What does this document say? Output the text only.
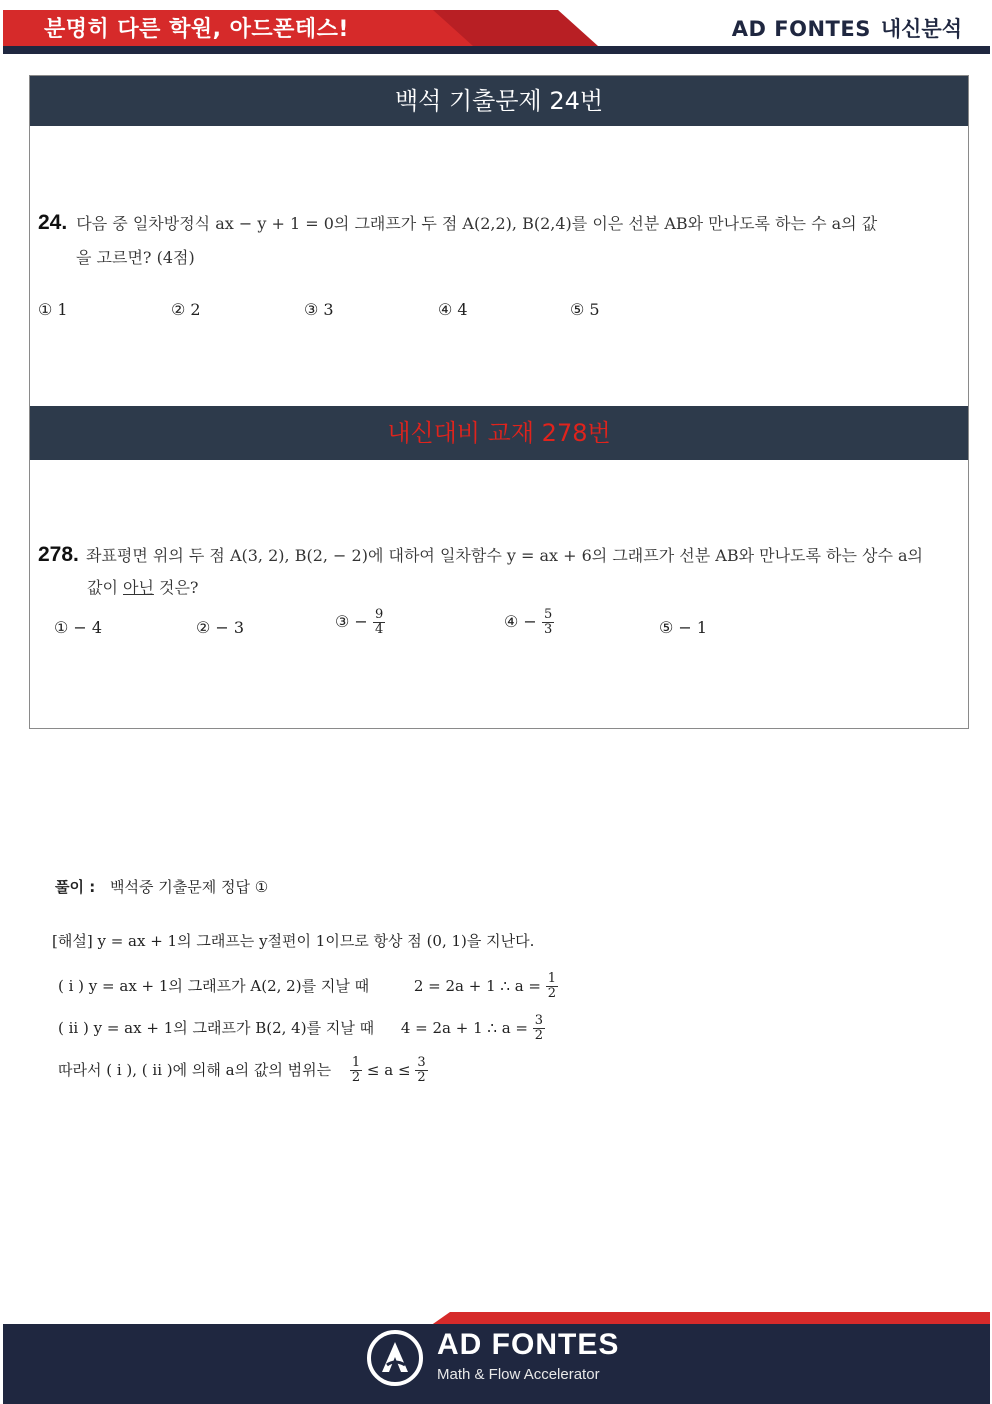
분명히 다른 학원, 아드폰테스!	AD FONTES 내신분석
백석 기출문제 24번
24. 다음 중 일차방정식 ax − y + 1 = 0의 그래프가 두 점 A(2,2), B(2,4)를 이은 선분 AB와 만나도록 하는 수 a의 값
을 고르면? (4점)
① 1	② 2	③ 3	④ 4	⑤ 5
내신대비 교재 278번
278. 좌표평면 위의 두 점 A(3, 2), B(2, − 2)에 대하여 일차함수 y = ax + 6의 그래프가 선분 AB와 만나도록 하는 상수 a의
값이 아닌 것은?
① − 4	② − 3	③ − $\frac{9}{4}$	④ − $\frac{5}{3}$	⑤ − 1
풀이 : 백석중 기출문제 정답 ①
[해설] y = ax + 1의 그래프는 y절편이 1이므로 항상 점 (0, 1)을 지난다.
( i ) y = ax + 1의 그래프가 A(2, 2)를 지날 때	2 = 2a + 1 ∴ $a = \frac{1}{2}$
( ii ) y = ax + 1의 그래프가 B(2, 4)를 지날 때 4 = 2a + 1 ∴ $a = \frac{3}{2}$
따라서 ( i ), ( ii )에 의해 a의 값의 범위는 $\frac{1}{2} \le a \le \frac{3}{2}$
AD FONTES
Math & Flow Accelerator
